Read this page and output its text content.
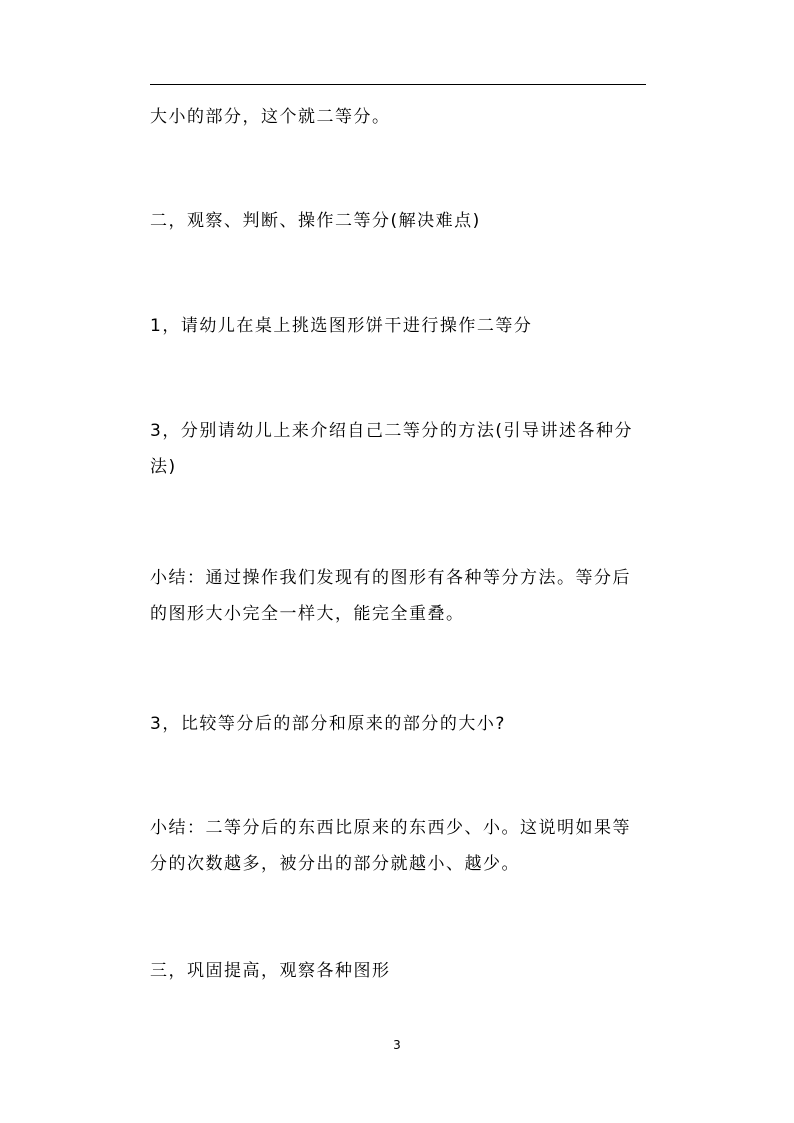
大小的部分，这个就二等分。
二，观察、判断、操作二等分(解决难点)
1，请幼儿在桌上挑选图形饼干进行操作二等分
3，分别请幼儿上来介绍自己二等分的方法(引导讲述各种分法)
小结：通过操作我们发现有的图形有各种等分方法。等分后的图形大小完全一样大，能完全重叠。
3，比较等分后的部分和原来的部分的大小?
小结：二等分后的东西比原来的东西少、小。这说明如果等分的次数越多，被分出的部分就越小、越少。
三，巩固提高，观察各种图形
3
